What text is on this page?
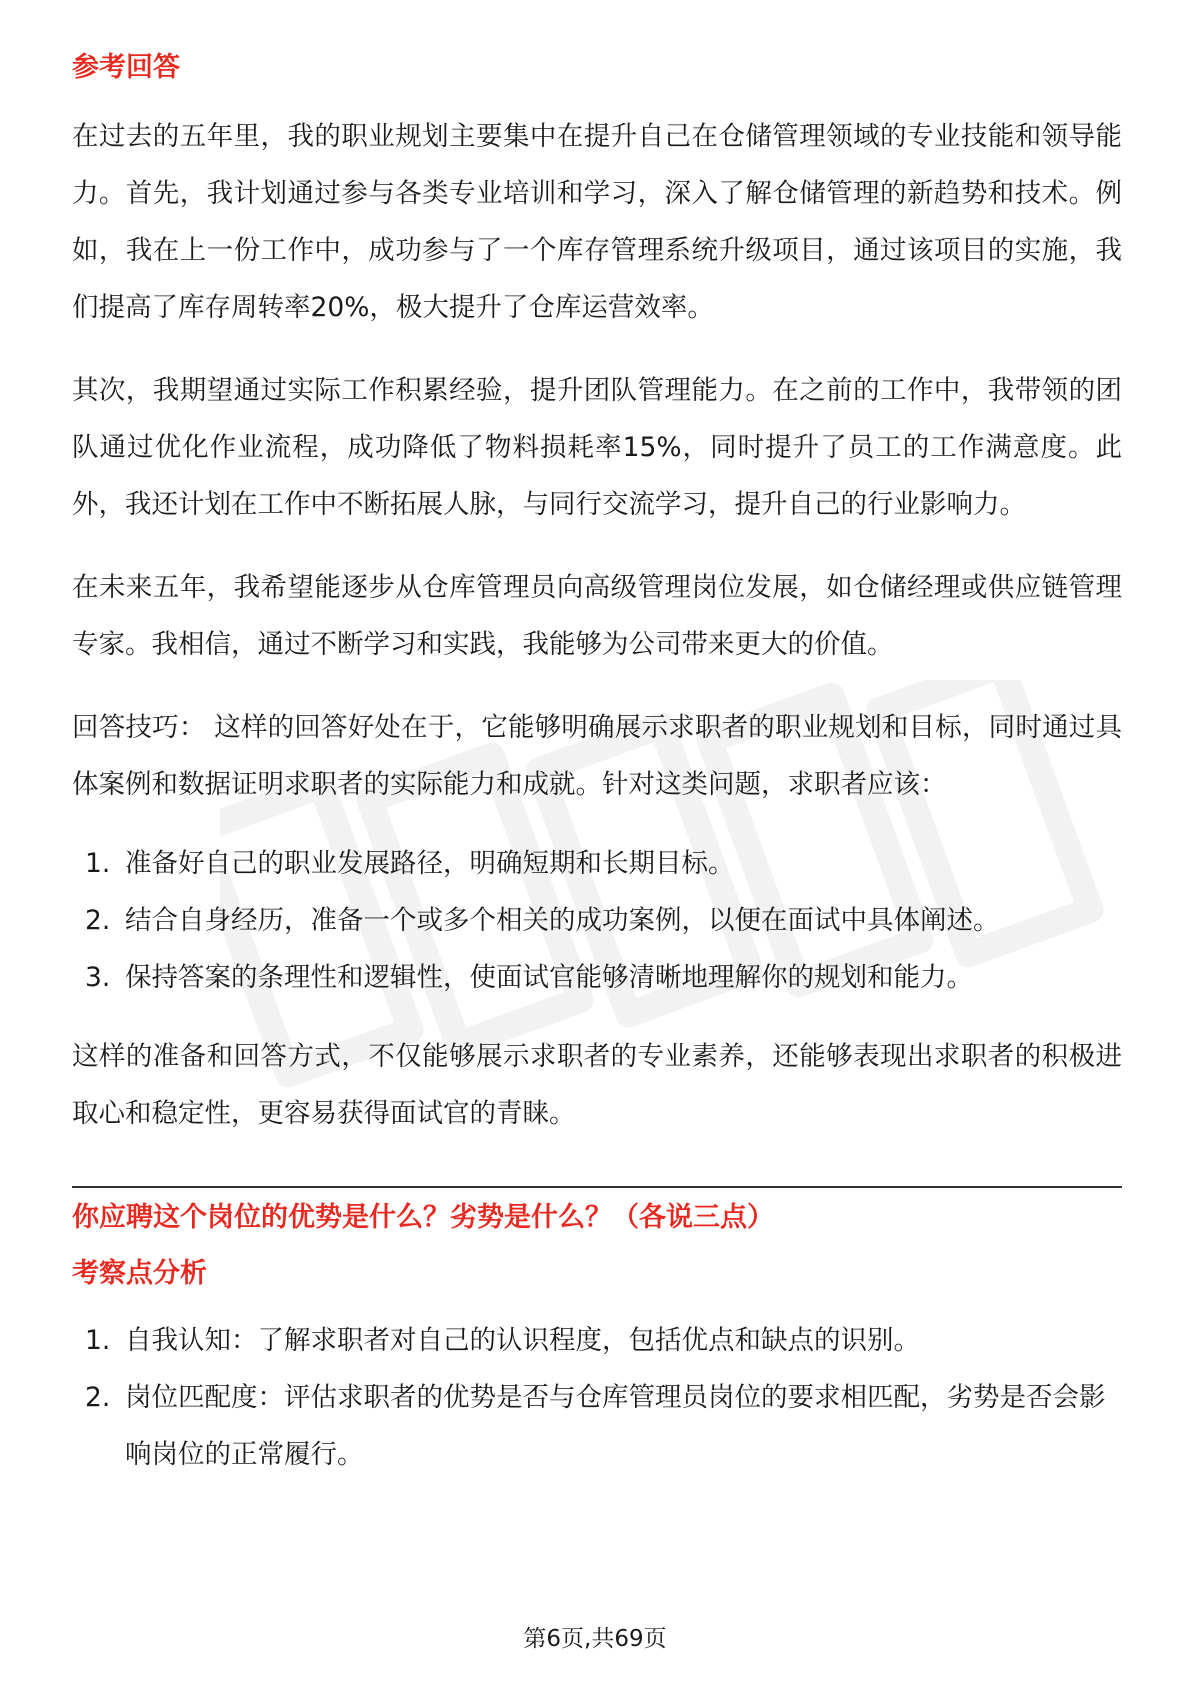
参考回答

在过去的五年里，我的职业规划主要集中在提升自己在仓储管理领域的专业技能和领导能力。首先，我计划通过参与各类专业培训和学习，深入了解仓储管理的新趋势和技术。例如，我在上一份工作中，成功参与了一个库存管理系统升级项目，通过该项目的实施，我们提高了库存周转率20%，极大提升了仓库运营效率。

其次，我期望通过实际工作积累经验，提升团队管理能力。在之前的工作中，我带领的团队通过优化作业流程，成功降低了物料损耗率15%，同时提升了员工的工作满意度。此外，我还计划在工作中不断拓展人脉，与同行交流学习，提升自己的行业影响力。

在未来五年，我希望能逐步从仓库管理员向高级管理岗位发展，如仓储经理或供应链管理专家。我相信，通过不断学习和实践，我能够为公司带来更大的价值。

回答技巧： 这样的回答好处在于，它能够明确展示求职者的职业规划和目标，同时通过具体案例和数据证明求职者的实际能力和成就。针对这类问题，求职者应该：

1. 准备好自己的职业发展路径，明确短期和长期目标。
2. 结合自身经历，准备一个或多个相关的成功案例，以便在面试中具体阐述。
3. 保持答案的条理性和逻辑性，使面试官能够清晰地理解你的规划和能力。

这样的准备和回答方式，不仅能够展示求职者的专业素养，还能够表现出求职者的积极进取心和稳定性，更容易获得面试官的青睐。

你应聘这个岗位的优势是什么？劣势是什么？（各说三点）
考察点分析
1. 自我认知：了解求职者对自己的认识程度，包括优点和缺点的识别。
2. 岗位匹配度：评估求职者的优势是否与仓库管理员岗位的要求相匹配，劣势是否会影响岗位的正常履行。
第6页,共69页
